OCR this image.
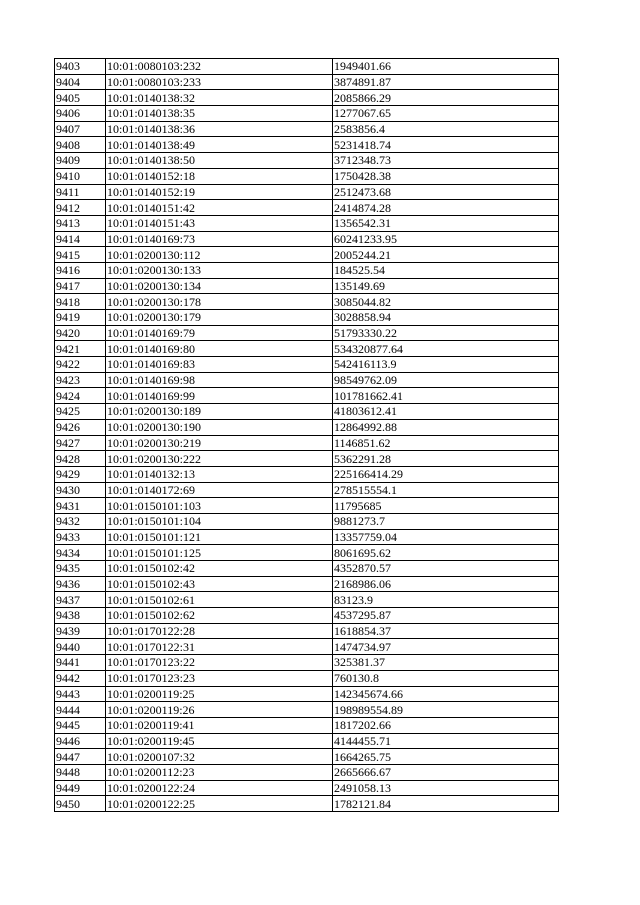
9403	10:01:0080103:232	1949401.66
9404	10:01:0080103:233	3874891.87
9405	10:01:0140138:32	2085866.29
9406	10:01:0140138:35	1277067.65
9407	10:01:0140138:36	2583856.4
9408	10:01:0140138:49	5231418.74
9409	10:01:0140138:50	3712348.73
9410	10:01:0140152:18	1750428.38
9411	10:01:0140152:19	2512473.68
9412	10:01:0140151:42	2414874.28
9413	10:01:0140151:43	1356542.31
9414	10:01:0140169:73	60241233.95
9415	10:01:0200130:112	2005244.21
9416	10:01:0200130:133	184525.54
9417	10:01:0200130:134	135149.69
9418	10:01:0200130:178	3085044.82
9419	10:01:0200130:179	3028858.94
9420	10:01:0140169:79	51793330.22
9421	10:01:0140169:80	534320877.64
9422	10:01:0140169:83	542416113.9
9423	10:01:0140169:98	98549762.09
9424	10:01:0140169:99	101781662.41
9425	10:01:0200130:189	41803612.41
9426	10:01:0200130:190	12864992.88
9427	10:01:0200130:219	1146851.62
9428	10:01:0200130:222	5362291.28
9429	10:01:0140132:13	225166414.29
9430	10:01:0140172:69	278515554.1
9431	10:01:0150101:103	11795685
9432	10:01:0150101:104	9881273.7
9433	10:01:0150101:121	13357759.04
9434	10:01:0150101:125	8061695.62
9435	10:01:0150102:42	4352870.57
9436	10:01:0150102:43	2168986.06
9437	10:01:0150102:61	83123.9
9438	10:01:0150102:62	4537295.87
9439	10:01:0170122:28	1618854.37
9440	10:01:0170122:31	1474734.97
9441	10:01:0170123:22	325381.37
9442	10:01:0170123:23	760130.8
9443	10:01:0200119:25	142345674.66
9444	10:01:0200119:26	198989554.89
9445	10:01:0200119:41	1817202.66
9446	10:01:0200119:45	4144455.71
9447	10:01:0200107:32	1664265.75
9448	10:01:0200112:23	2665666.67
9449	10:01:0200122:24	2491058.13
9450	10:01:0200122:25	1782121.84
